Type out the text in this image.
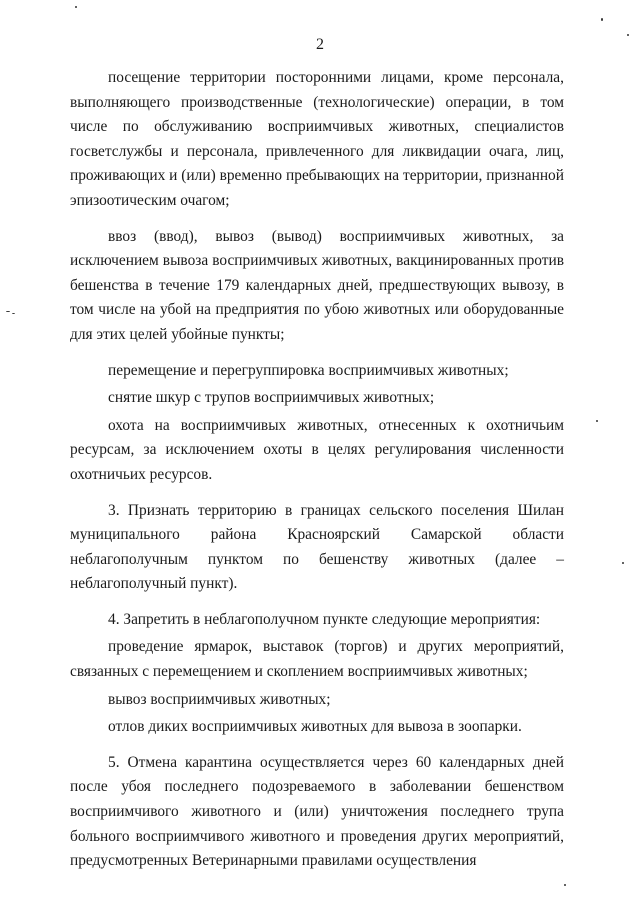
2

посещение территории посторонними лицами, кроме персонала, выполняющего производственные (технологические) операции, в том числе по обслуживанию восприимчивых животных, специалистов госветслужбы и персонала, привлеченного для ликвидации очага, лиц, проживающих и (или) временно пребывающих на территории, признанной эпизоотическим очагом;

ввоз (ввод), вывоз (вывод) восприимчивых животных, за исключением вывоза восприимчивых животных, вакцинированных против бешенства в течение 179 календарных дней, предшествующих вывозу, в том числе на убой на предприятия по убою животных или оборудованные для этих целей убойные пункты;

перемещение и перегруппировка восприимчивых животных;

снятие шкур с трупов восприимчивых животных;

охота на восприимчивых животных, отнесенных к охотничьим ресурсам, за исключением охоты в целях регулирования численности охотничьих ресурсов.

3. Признать территорию в границах сельского поселения Шилан муниципального района Красноярский Самарской области неблагополучным пунктом по бешенству животных (далее – неблагополучный пункт).

4. Запретить в неблагополучном пункте следующие мероприятия:

проведение ярмарок, выставок (торгов) и других мероприятий, связанных с перемещением и скоплением восприимчивых животных;

вывоз восприимчивых животных;

отлов диких восприимчивых животных для вывоза в зоопарки.

5. Отмена карантина осуществляется через 60 календарных дней после убоя последнего подозреваемого в заболевании бешенством восприимчивого животного и (или) уничтожения последнего трупа больного восприимчивого животного и проведения других мероприятий, предусмотренных Ветеринарными правилами осуществления
